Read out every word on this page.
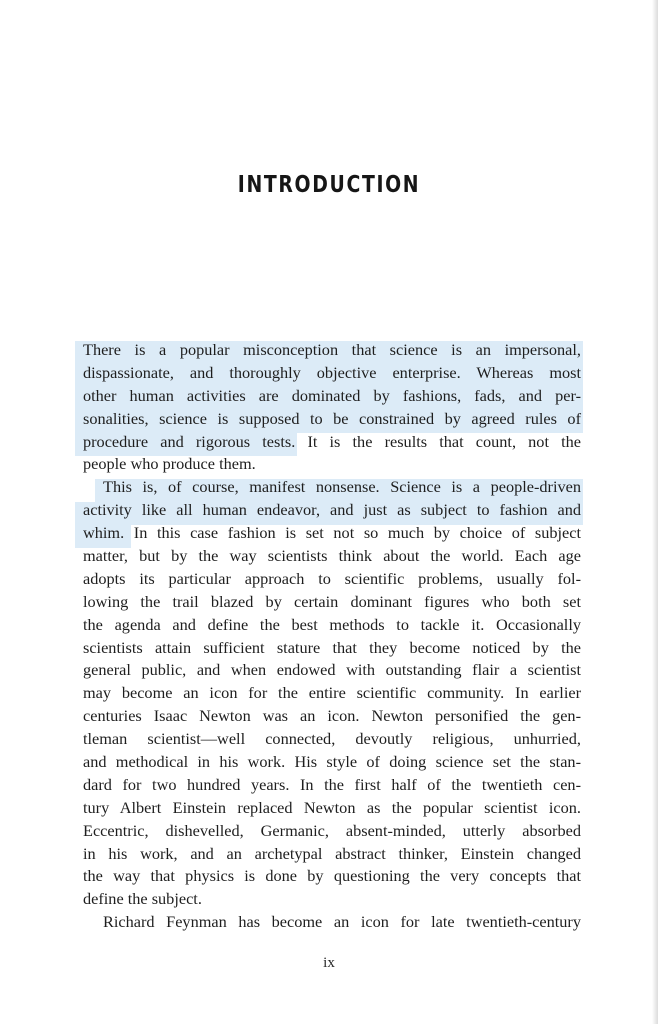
INTRODUCTION
There is a popular misconception that science is an impersonal,
dispassionate, and thoroughly objective enterprise. Whereas most
other human activities are dominated by fashions, fads, and per-
sonalities, science is supposed to be constrained by agreed rules of
procedure and rigorous tests. It is the results that count, not the
people who produce them.
This is, of course, manifest nonsense. Science is a people-driven
activity like all human endeavor, and just as subject to fashion and
whim. In this case fashion is set not so much by choice of subject
matter, but by the way scientists think about the world. Each age
adopts its particular approach to scientific problems, usually fol-
lowing the trail blazed by certain dominant figures who both set
the agenda and define the best methods to tackle it. Occasionally
scientists attain sufficient stature that they become noticed by the
general public, and when endowed with outstanding flair a scientist
may become an icon for the entire scientific community. In earlier
centuries Isaac Newton was an icon. Newton personified the gen-
tleman scientist—well connected, devoutly religious, unhurried,
and methodical in his work. His style of doing science set the stan-
dard for two hundred years. In the first half of the twentieth cen-
tury Albert Einstein replaced Newton as the popular scientist icon.
Eccentric, dishevelled, Germanic, absent-minded, utterly absorbed
in his work, and an archetypal abstract thinker, Einstein changed
the way that physics is done by questioning the very concepts that
define the subject.
Richard Feynman has become an icon for late twentieth-century
ix
